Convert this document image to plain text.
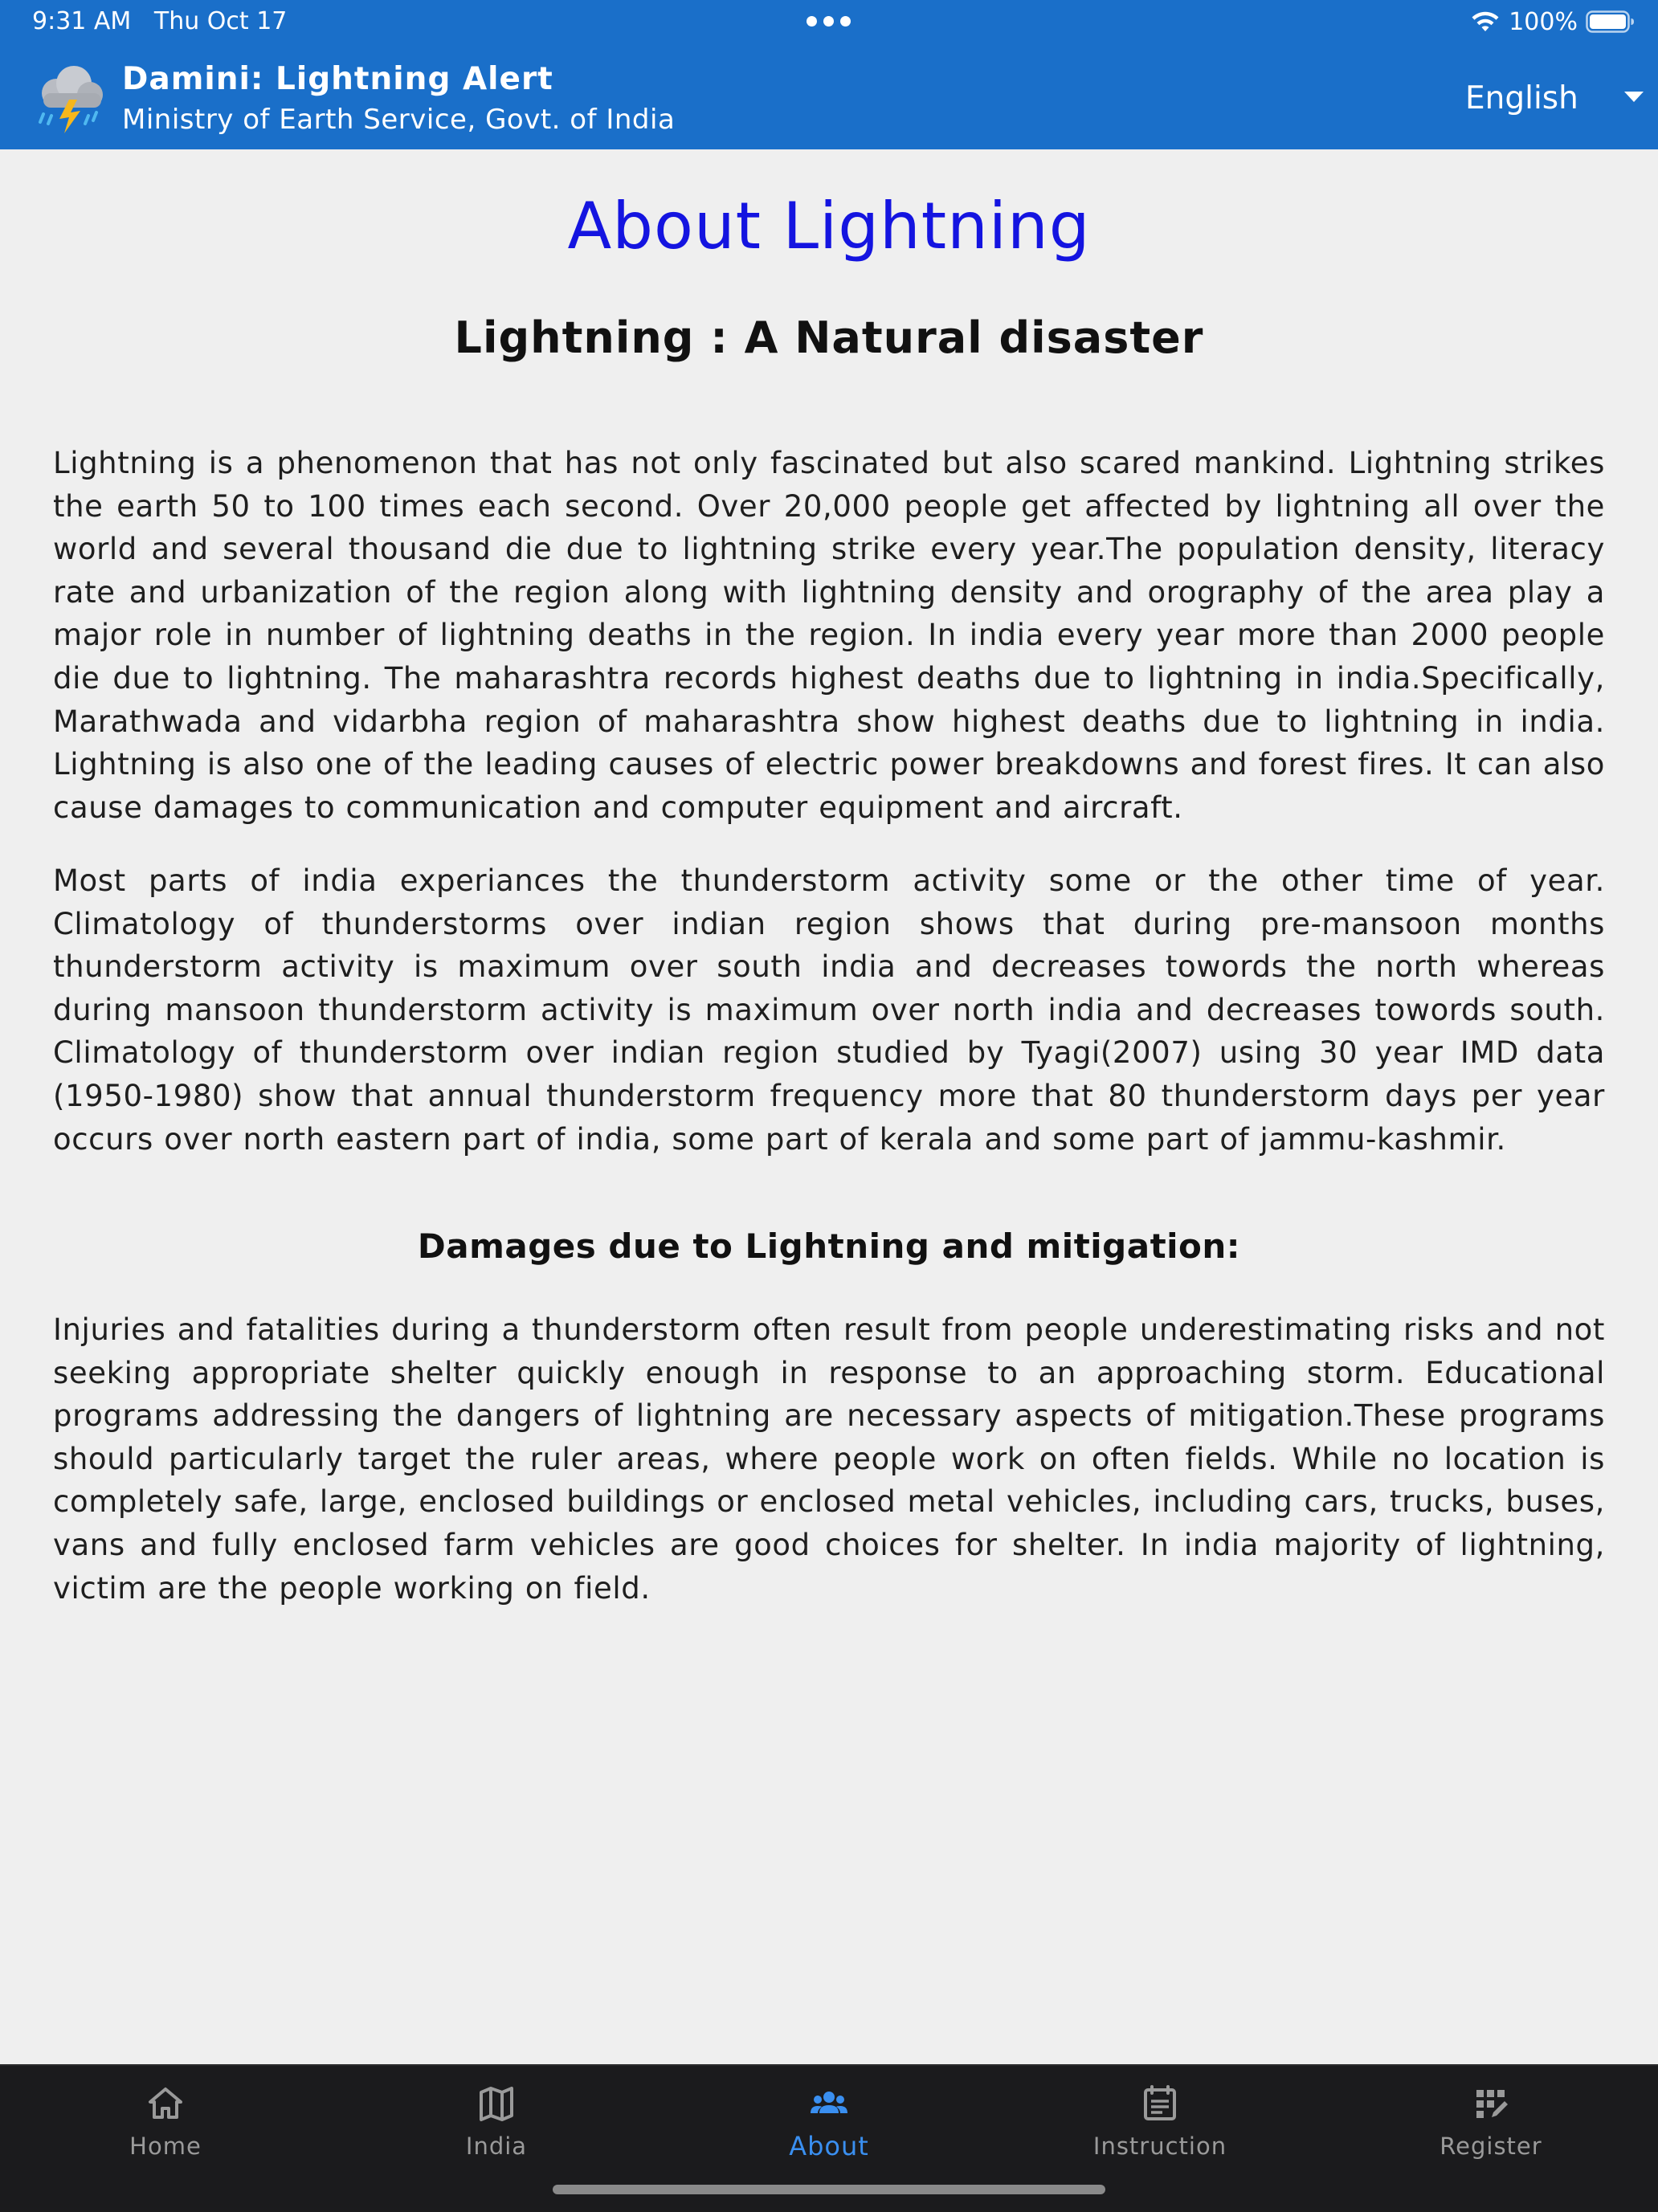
9:31 AM Thu Oct 17	100%
Damini: Lightning Alert
Ministry of Earth Service, Govt. of India
English
About Lightning
Lightning : A Natural disaster

Lightning is a phenomenon that has not only fascinated but also scared mankind. Lightning strikes the earth 50 to 100 times each second. Over 20,000 people get affected by lightning all over the world and several thousand die due to lightning strike every year.The population density, literacy rate and urbanization of the region along with lightning density and orography of the area play a major role in number of lightning deaths in the region. In india every year more than 2000 people die due to lightning. The maharashtra records highest deaths due to lightning in india.Specifically, Marathwada and vidarbha region of maharashtra show highest deaths due to lightning in india. Lightning is also one of the leading causes of electric power breakdowns and forest fires. It can also cause damages to communication and computer equipment and aircraft.

Most parts of india experiances the thunderstorm activity some or the other time of year. Climatology of thunderstorms over indian region shows that during pre-mansoon months thunderstorm activity is maximum over south india and decreases towords the north whereas during mansoon thunderstorm activity is maximum over north india and decreases towords south. Climatology of thunderstorm over indian region studied by Tyagi(2007) using 30 year IMD data (1950-1980) show that annual thunderstorm frequency more that 80 thunderstorm days per year occurs over north eastern part of india, some part of kerala and some part of jammu-kashmir.

Damages due to Lightning and mitigation:

Injuries and fatalities during a thunderstorm often result from people underestimating risks and not seeking appropriate shelter quickly enough in response to an approaching storm. Educational programs addressing the dangers of lightning are necessary aspects of mitigation.These programs should particularly target the ruler areas, where people work on often fields. While no location is completely safe, large, enclosed buildings or enclosed metal vehicles, including cars, trucks, buses, vans and fully enclosed farm vehicles are good choices for shelter. In india majority of lightning, victim are the people working on field.

Home	India	About	Instruction	Register
